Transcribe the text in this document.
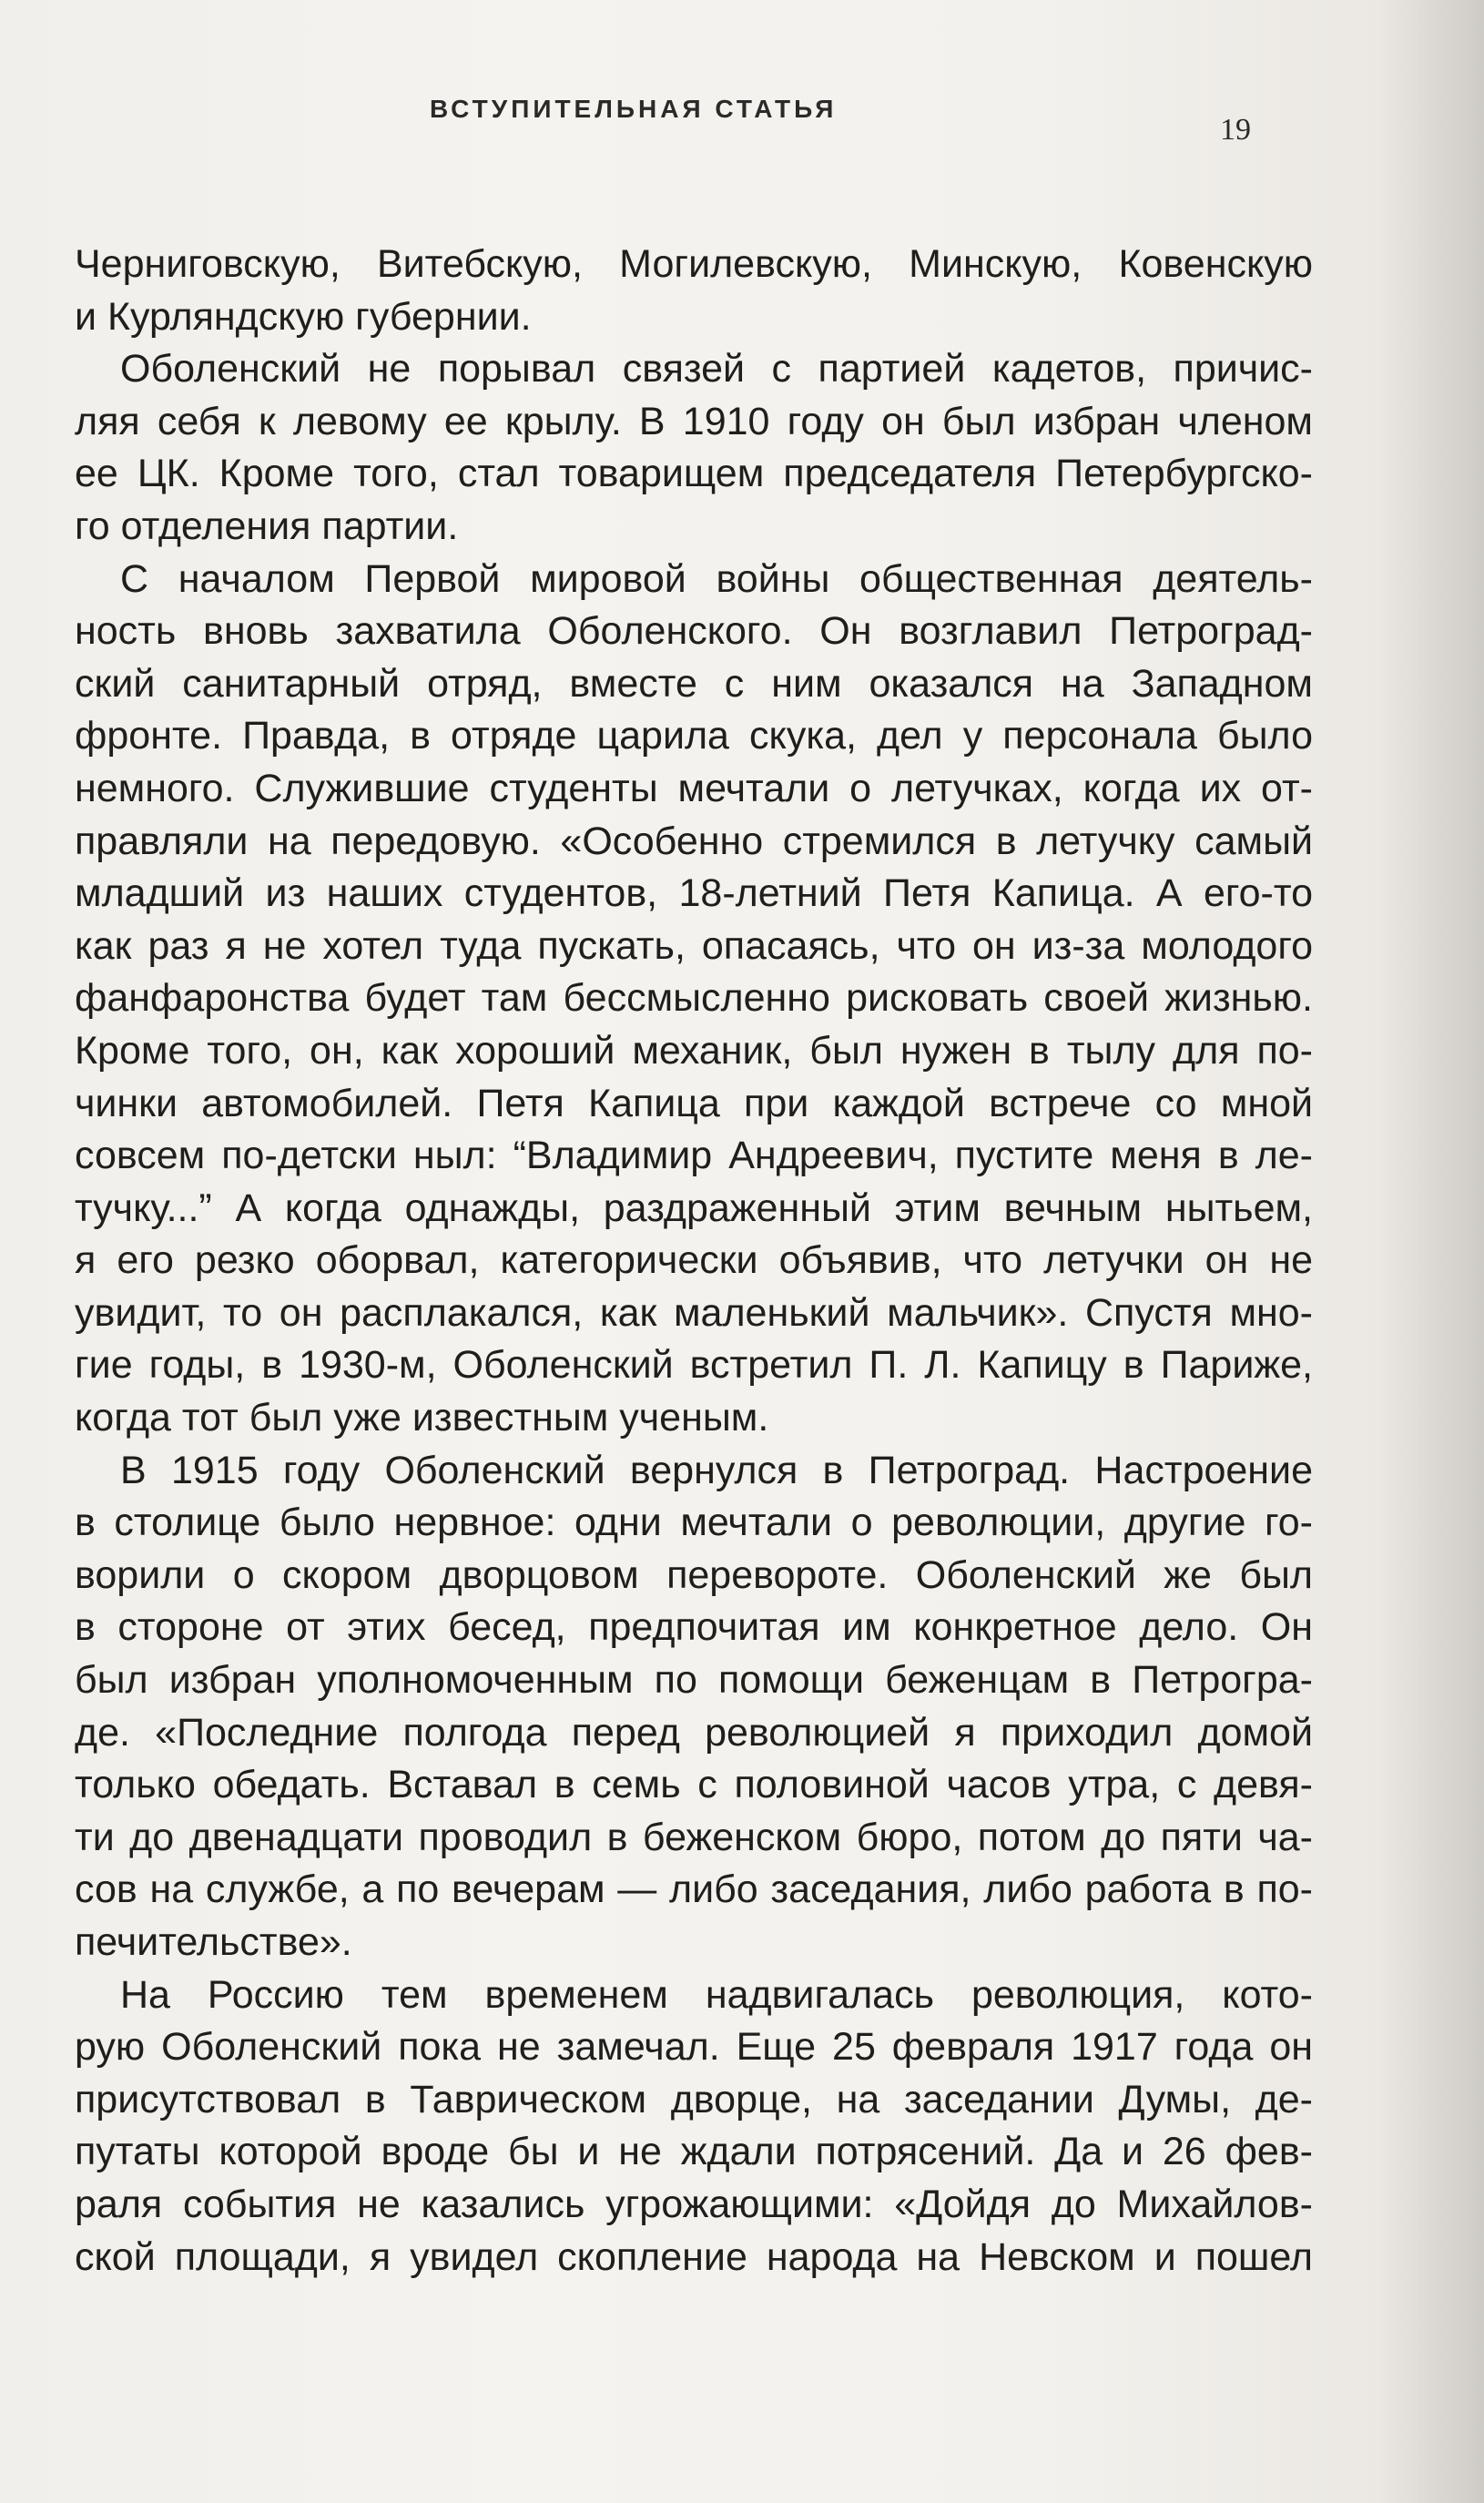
ВСТУПИТЕЛЬНАЯ СТАТЬЯ
19

Черниговскую, Витебскую, Могилевскую, Минскую, Ковенскую
и Курляндскую губернии.

Оболенский не порывал связей с партией кадетов, причис-
ляя себя к левому ее крылу. В 1910 году он был избран членом
ее ЦК. Кроме того, стал товарищем председателя Петербургско-
го отделения партии.

С началом Первой мировой войны общественная деятель-
ность вновь захватила Оболенского. Он возглавил Петроград-
ский санитарный отряд, вместе с ним оказался на Западном
фронте. Правда, в отряде царила скука, дел у персонала было
немного. Служившие студенты мечтали о летучках, когда их от-
правляли на передовую. «Особенно стремился в летучку самый
младший из наших студентов, 18-летний Петя Капица. А его-то
как раз я не хотел туда пускать, опасаясь, что он из-за молодого
фанфаронства будет там бессмысленно рисковать своей жизнью.
Кроме того, он, как хороший механик, был нужен в тылу для по-
чинки автомобилей. Петя Капица при каждой встрече со мной
совсем по-детски ныл: “Владимир Андреевич, пустите меня в ле-
тучку...” А когда однажды, раздраженный этим вечным нытьем,
я его резко оборвал, категорически объявив, что летучки он не
увидит, то он расплакался, как маленький мальчик». Спустя мно-
гие годы, в 1930-м, Оболенский встретил П. Л. Капицу в Париже,
когда тот был уже известным ученым.

В 1915 году Оболенский вернулся в Петроград. Настроение
в столице было нервное: одни мечтали о революции, другие го-
ворили о скором дворцовом перевороте. Оболенский же был
в стороне от этих бесед, предпочитая им конкретное дело. Он
был избран уполномоченным по помощи беженцам в Петрогра-
де. «Последние полгода перед революцией я приходил домой
только обедать. Вставал в семь с половиной часов утра, с девя-
ти до двенадцати проводил в беженском бюро, потом до пяти ча-
сов на службе, а по вечерам — либо заседания, либо работа в по-
печительстве».

На Россию тем временем надвигалась революция, кото-
рую Оболенский пока не замечал. Еще 25 февраля 1917 года он
присутствовал в Таврическом дворце, на заседании Думы, де-
путаты которой вроде бы и не ждали потрясений. Да и 26 фев-
раля события не казались угрожающими: «Дойдя до Михайлов-
ской площади, я увидел скопление народа на Невском и пошел
